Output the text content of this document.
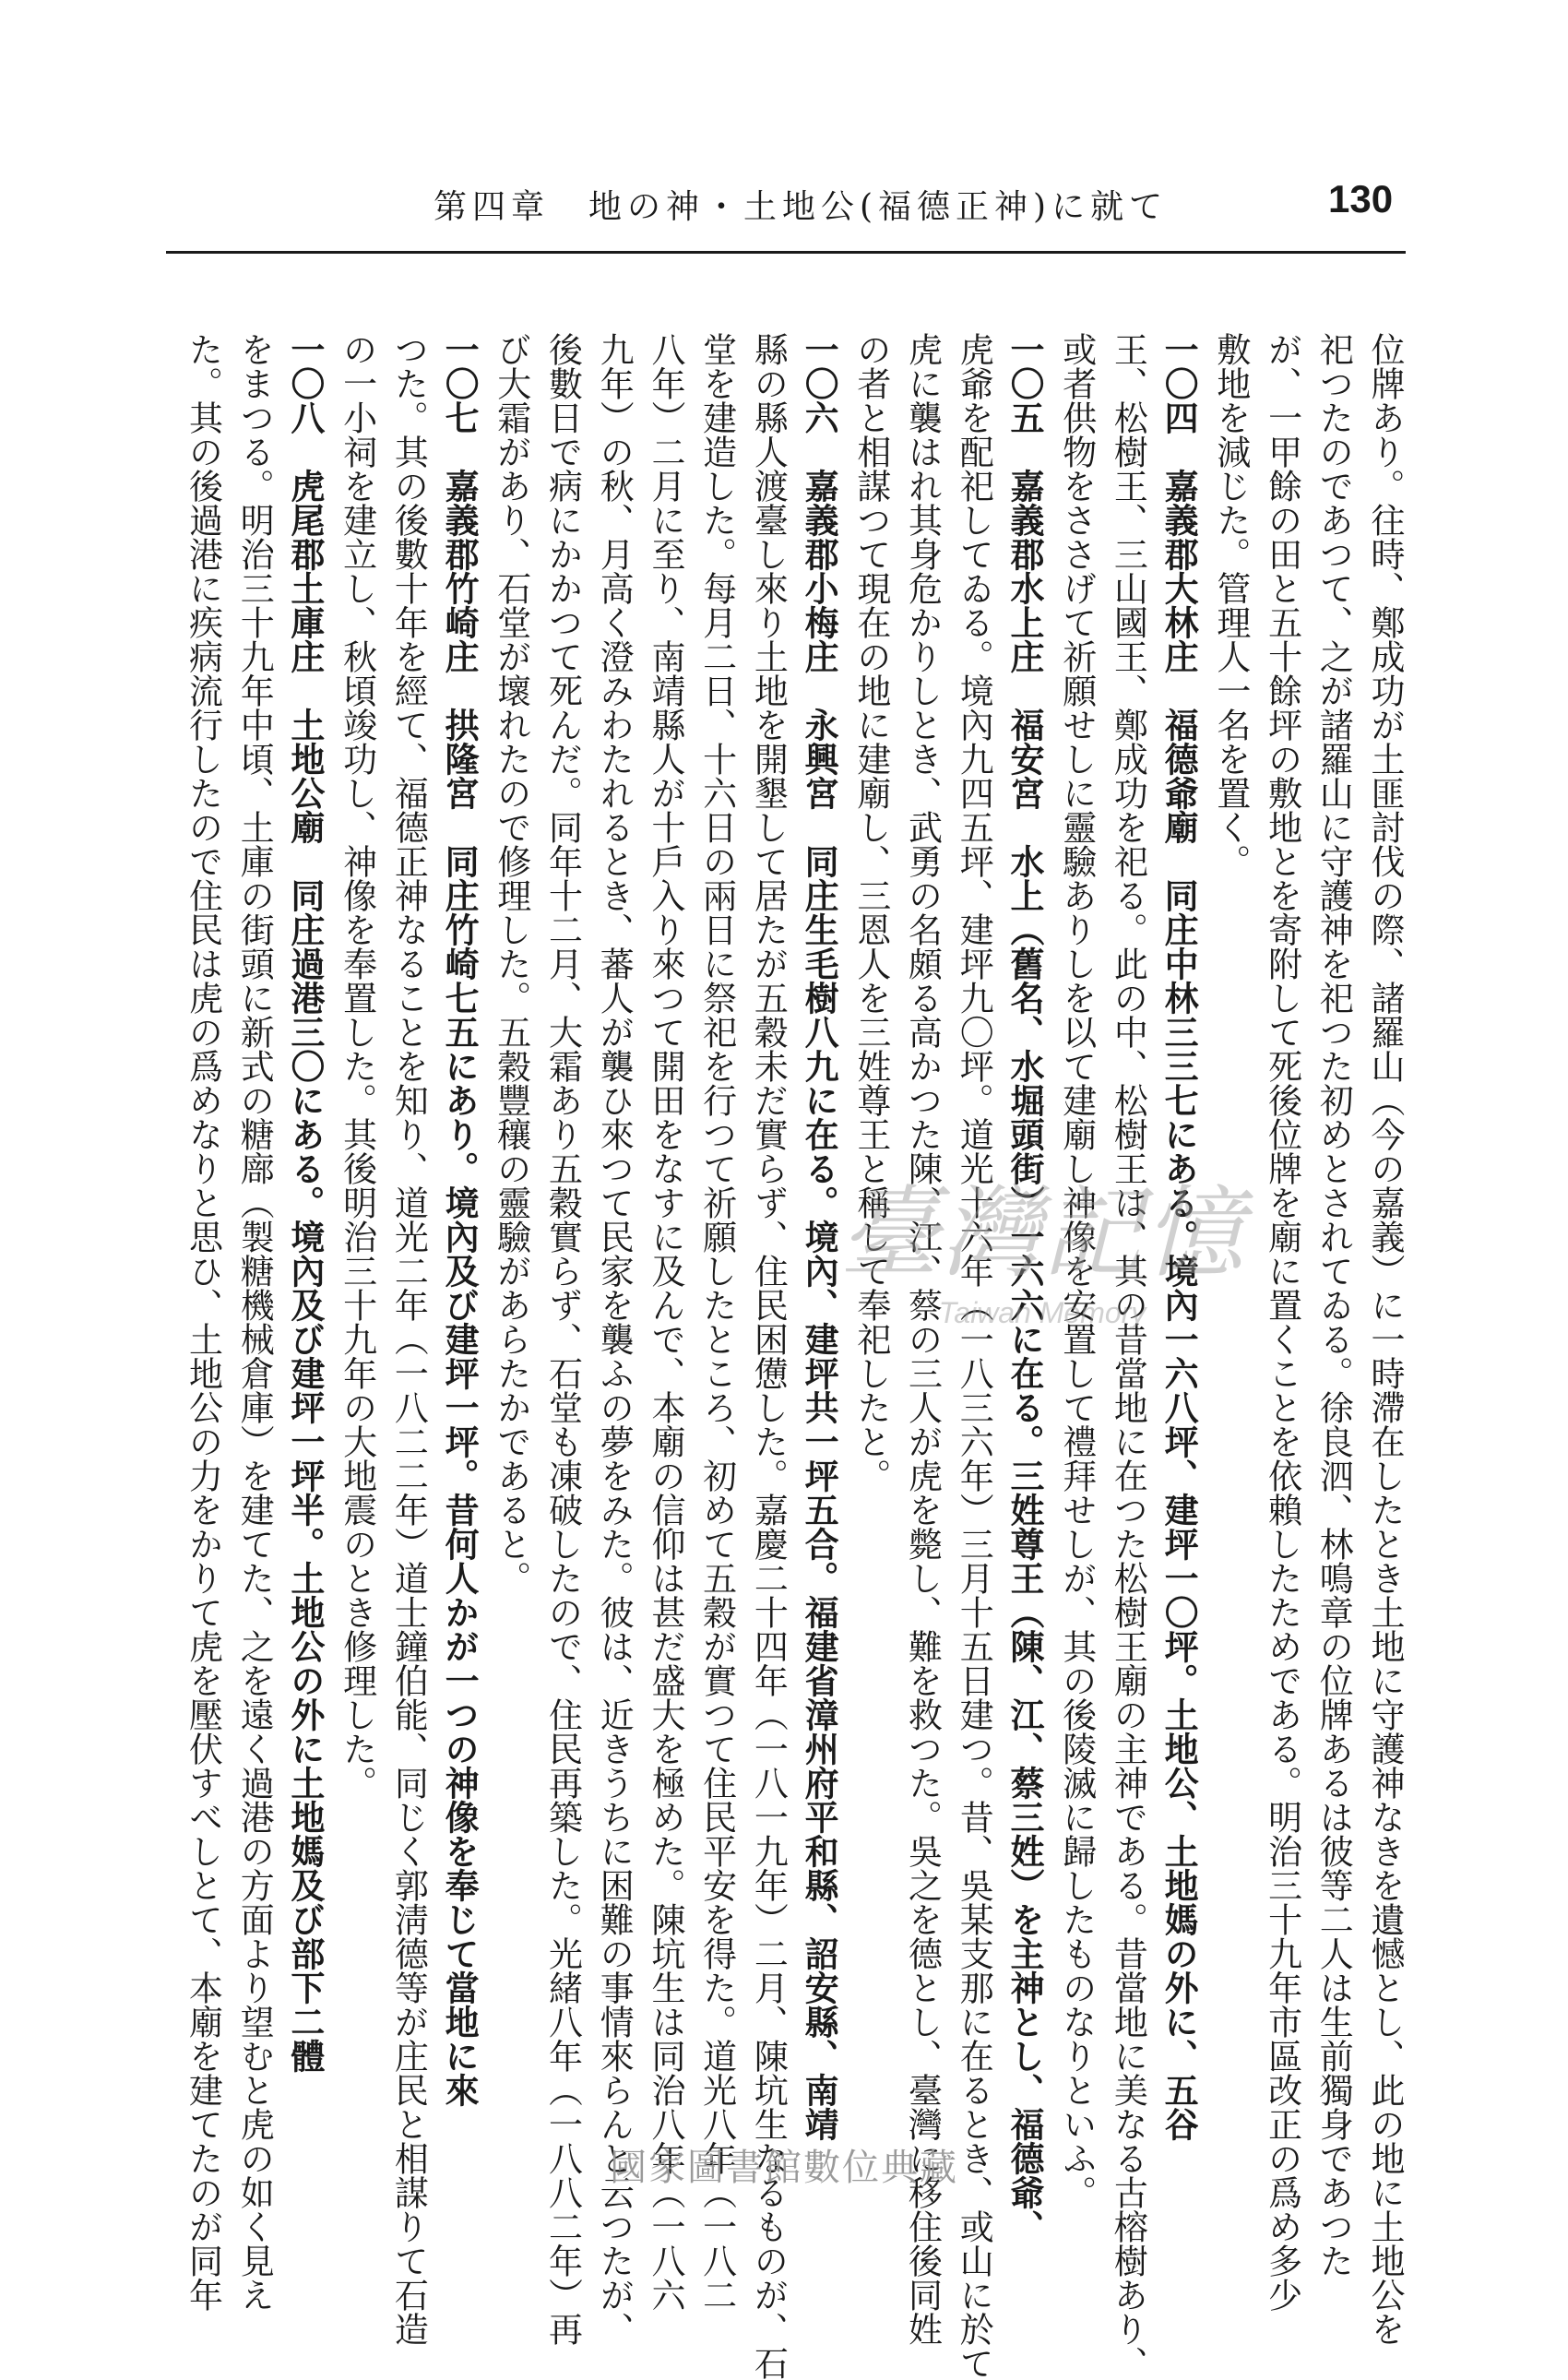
第四章　地の神・土地公(福德正神)に就て	130
位牌あり。往時、鄭成功が土匪討伐の際、諸羅山（今の嘉義）に一時滯在したとき土地に守護神なきを遺憾とし、此の地に土地公を
祀つたのであつて、之が諸羅山に守護神を祀つた初めとされてゐる。徐良泗、林鳴章の位牌あるは彼等二人は生前獨身であつた
が、一甲餘の田と五十餘坪の敷地とを寄附して死後位牌を廟に置くことを依賴したためである。明治三十九年市區改正の爲め多少
敷地を減じた。管理人一名を置く。
一〇四　嘉義郡大林庄　福德爺廟　同庄中林三三七にある。境內一六八坪、建坪一〇坪。土地公、土地媽の外に、五谷
王、松樹王、三山國王、鄭成功を祀る。此の中、松樹王は、其の昔當地に在つた松樹王廟の主神である。昔當地に美なる古榕樹あり、
或者供物をささげて祈願せしに靈驗ありしを以て建廟し神像を安置して禮拜せしが、其の後陵滅に歸したものなりといふ。
一〇五　嘉義郡水上庄　福安宮　水上（舊名、水堀頭街）一六六に在る。三姓尊王（陳、江、蔡三姓）を主神とし、福德爺、
虎爺を配祀してゐる。境內九四五坪、建坪九〇坪。道光十六年（一八三六年）三月十五日建つ。昔、吳某支那に在るとき、或山に於て
虎に襲はれ其身危かりしとき、武勇の名頗る高かつた陳、江、蔡の三人が虎を斃し、難を救つた。吳之を德とし、臺灣に移住後同姓
の者と相謀つて現在の地に建廟し、三恩人を三姓尊王と稱して奉祀したと。
一〇六　嘉義郡小梅庄　永興宮　同庄生毛樹八九に在る。境內、建坪共一坪五合。福建省漳州府平和縣、詔安縣、南靖
縣の縣人渡臺し來り土地を開墾して居たが五穀未だ實らず、住民困憊した。嘉慶二十四年（一八一九年）二月、陳坑生なるものが、石
堂を建造した。每月二日、十六日の兩日に祭祀を行つて祈願したところ、初めて五穀が實つて住民平安を得た。道光八年（一八二
八年）二月に至り、南靖縣人が十戶入り來つて開田をなすに及んで、本廟の信仰は甚だ盛大を極めた。陳坑生は同治八年（一八六
九年）の秋、月高く澄みわたれるとき、蕃人が襲ひ來つて民家を襲ふの夢をみた。彼は、近きうちに困難の事情來らんと云つたが、
後數日で病にかかつて死んだ。同年十二月、大霜あり五穀實らず、石堂も凍破したので、住民再築した。光緒八年（一八八二年）再
び大霜があり、石堂が壞れたので修理した。五穀豐穰の靈驗があらたかであると。
一〇七　嘉義郡竹崎庄　拱隆宮　同庄竹崎七五にあり。境內及び建坪一坪。昔何人かが一つの神像を奉じて當地に來
つた。其の後數十年を經て、福德正神なることを知り、道光二年（一八二二年）道士鐘伯能、同じく郭淸德等が庄民と相謀りて石造
の一小祠を建立し、秋頃竣功し、神像を奉置した。其後明治三十九年の大地震のとき修理した。
一〇八　虎尾郡土庫庄　土地公廟　同庄過港三〇にある。境內及び建坪一坪半。土地公の外に土地媽及び部下二體
をまつる。明治三十九年中頃、土庫の街頭に新式の糖廍（製糖機械倉庫）を建てた、之を遠く過港の方面より望むと虎の如く見え
た。其の後過港に疾病流行したので住民は虎の爲めなりと思ひ、土地公の力をかりて虎を壓伏すべしとて、本廟を建てたのが同年	臺灣記憶
Taiwan Memory
國家圖書館數位典藏
